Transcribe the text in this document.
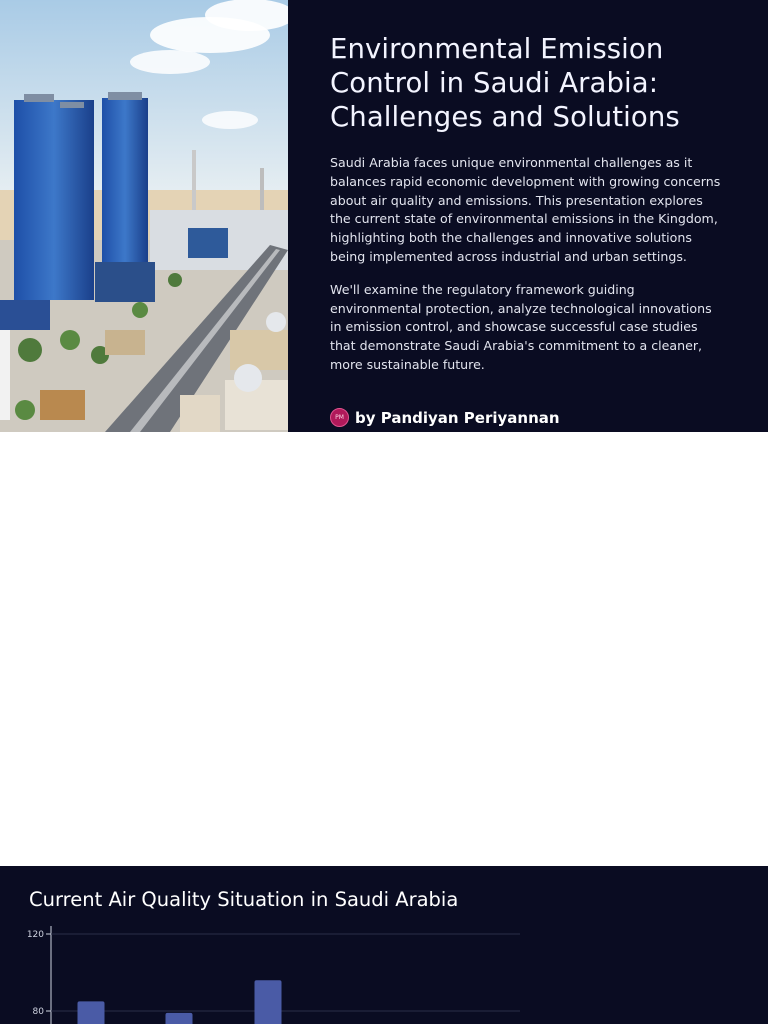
Environmental Emission Control in Saudi Arabia: Challenges and Solutions

Saudi Arabia faces unique environmental challenges as it balances rapid economic development with growing concerns about air quality and emissions. This presentation explores the current state of environmental emissions in the Kingdom, highlighting both the challenges and innovative solutions being implemented across industrial and urban settings.

We'll examine the regulatory framework guiding environmental protection, analyze technological innovations in emission control, and showcase successful case studies that demonstrate Saudi Arabia's commitment to a cleaner, more sustainable future.

PM by Pandiyan Periyannan
Current Air Quality Situation in Saudi Arabia
80
120
